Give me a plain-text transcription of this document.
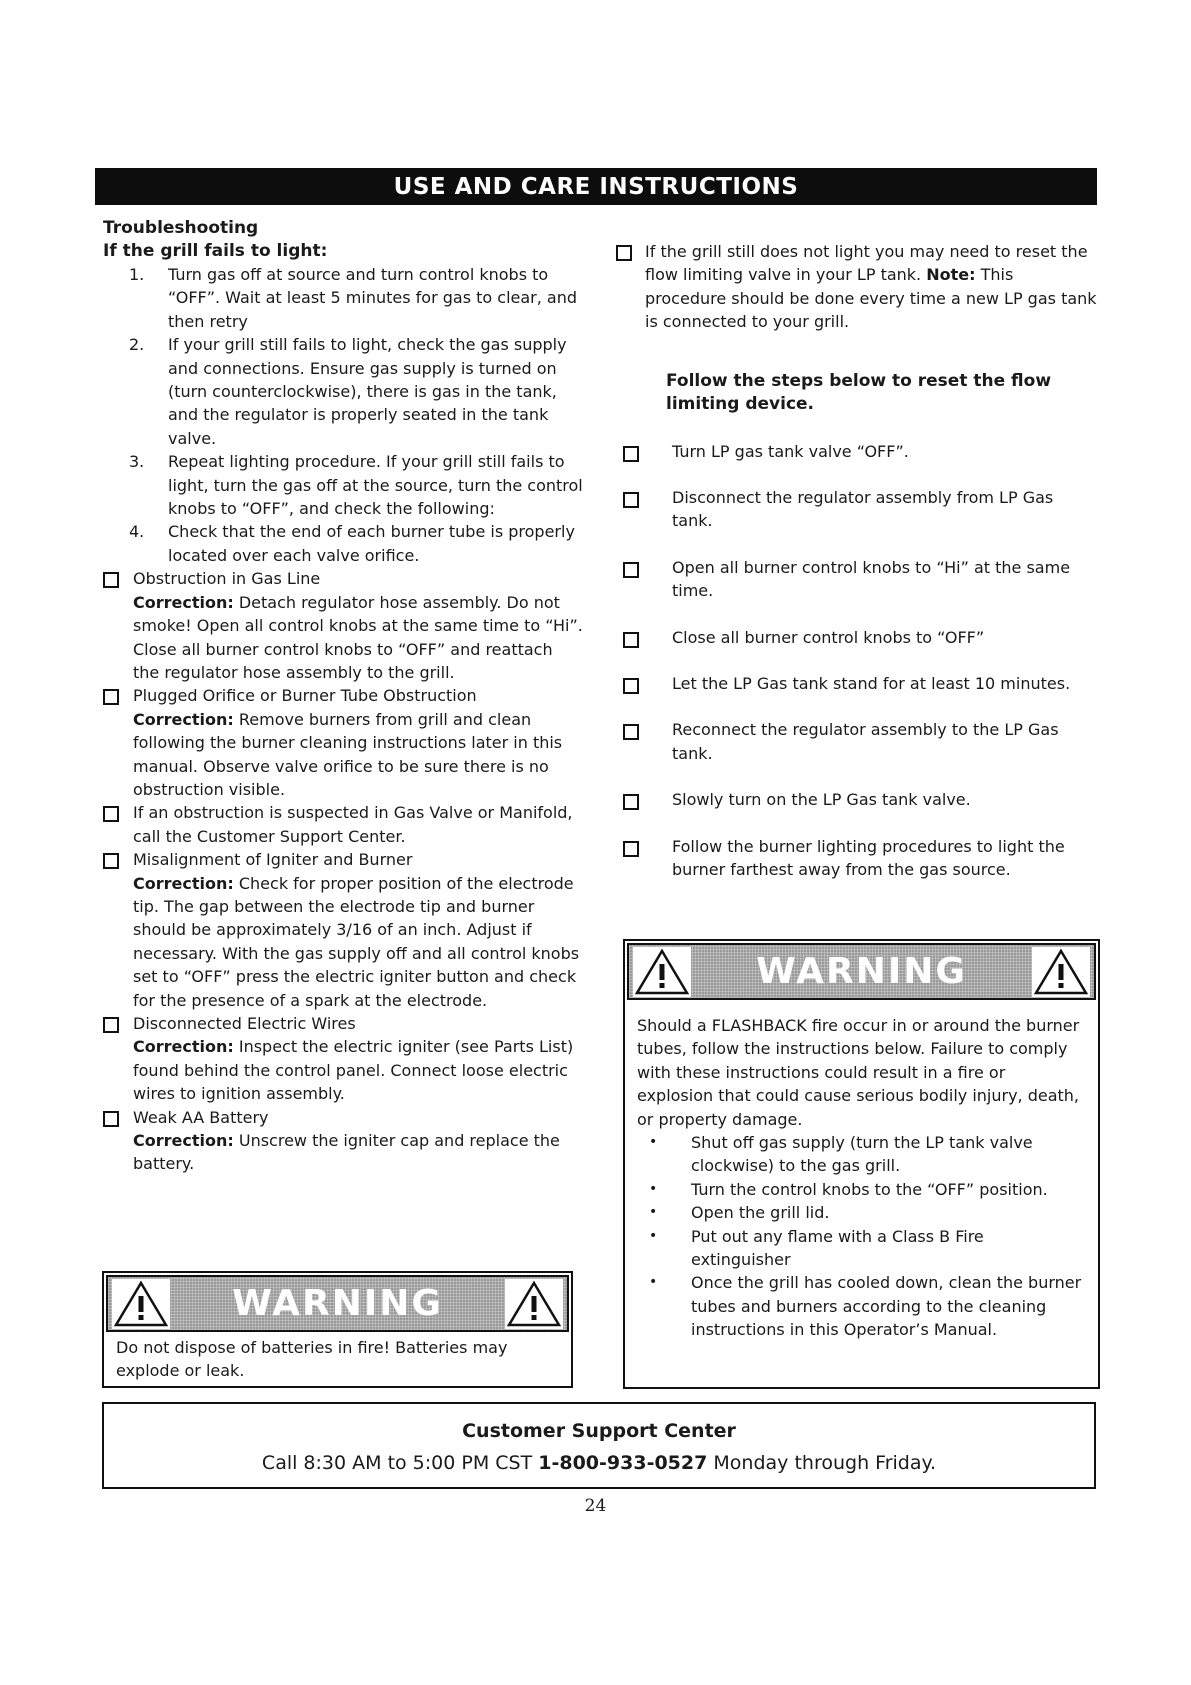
USE AND CARE INSTRUCTIONS
Troubleshooting
If the grill fails to light:
1. Turn gas off at source and turn control knobs to “OFF”. Wait at least 5 minutes for gas to clear, and then retry
2. If your grill still fails to light, check the gas supply and connections. Ensure gas supply is turned on (turn counterclockwise), there is gas in the tank, and the regulator is properly seated in the tank valve.
3. Repeat lighting procedure. If your grill still fails to light, turn the gas off at the source, turn the control knobs to “OFF”, and check the following:
4. Check that the end of each burner tube is properly located over each valve orifice.
Obstruction in Gas Line
Correction: Detach regulator hose assembly. Do not smoke! Open all control knobs at the same time to “Hi”. Close all burner control knobs to “OFF” and reattach the regulator hose assembly to the grill.
Plugged Orifice or Burner Tube Obstruction
Correction: Remove burners from grill and clean following the burner cleaning instructions later in this manual. Observe valve orifice to be sure there is no obstruction visible.
If an obstruction is suspected in Gas Valve or Manifold, call the Customer Support Center.
Misalignment of Igniter and Burner
Correction: Check for proper position of the electrode tip. The gap between the electrode tip and burner should be approximately 3/16 of an inch. Adjust if necessary. With the gas supply off and all control knobs set to “OFF” press the electric igniter button and check for the presence of a spark at the electrode.
Disconnected Electric Wires
Correction: Inspect the electric igniter (see Parts List) found behind the control panel. Connect loose electric wires to ignition assembly.
Weak AA Battery
Correction: Unscrew the igniter cap and replace the battery.
WARNING
Do not dispose of batteries in fire! Batteries may explode or leak.
If the grill still does not light you may need to reset the flow limiting valve in your LP tank. Note: This procedure should be done every time a new LP gas tank is connected to your grill.
Follow the steps below to reset the flow limiting device.
Turn LP gas tank valve “OFF”.
Disconnect the regulator assembly from LP Gas tank.
Open all burner control knobs to “Hi” at the same time.
Close all burner control knobs to “OFF”
Let the LP Gas tank stand for at least 10 minutes.
Reconnect the regulator assembly to the LP Gas tank.
Slowly turn on the LP Gas tank valve.
Follow the burner lighting procedures to light the burner farthest away from the gas source.
WARNING
Should a FLASHBACK fire occur in or around the burner tubes, follow the instructions below. Failure to comply with these instructions could result in a fire or explosion that could cause serious bodily injury, death, or property damage.
• Shut off gas supply (turn the LP tank valve clockwise) to the gas grill.
• Turn the control knobs to the “OFF” position.
• Open the grill lid.
• Put out any flame with a Class B Fire extinguisher
• Once the grill has cooled down, clean the burner tubes and burners according to the cleaning instructions in this Operator’s Manual.
Customer Support Center
Call 8:30 AM to 5:00 PM CST 1-800-933-0527 Monday through Friday.
24
